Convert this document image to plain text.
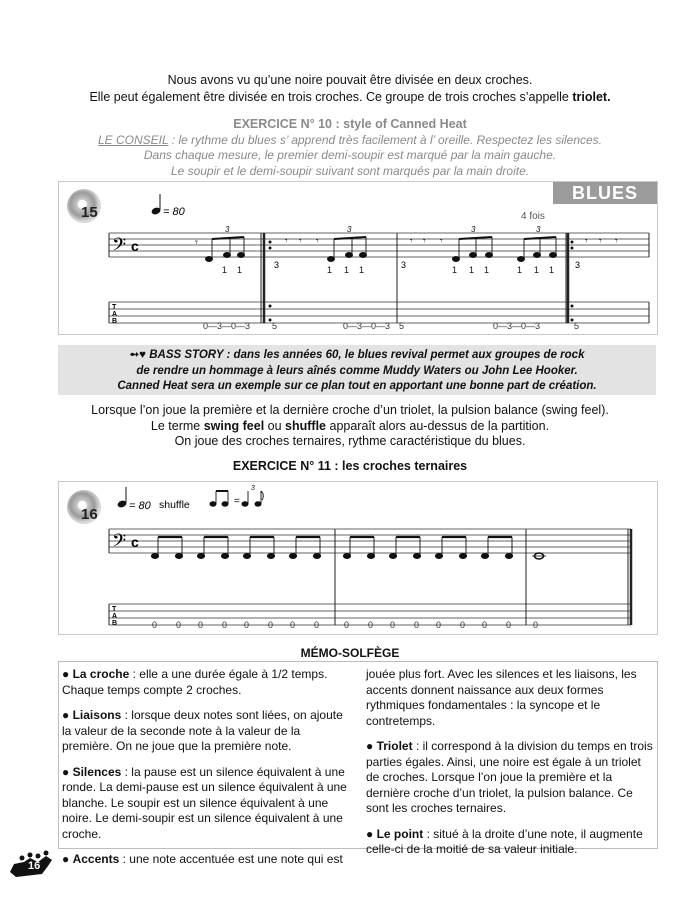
Nous avons vu qu’une noire pouvait être divisée en deux croches.
Elle peut également être divisée en trois croches. Ce groupe de trois croches s’appelle triolet.
EXERCICE N° 10 : style of Canned Heat
LE CONSEIL : le rythme du blues s’ apprend très facilement à l’ oreille. Respectez les silences.
Dans chaque mesure, le premier demi-soupir est marqué par la main gauche.
Le soupir et le demi-soupir suivant sont marqués par la main droite.
15
BLUES
= 80	4 fois
𝄢 c
T
A
B
𝄾
3
1 1	3
𝄾 𝄾 𝄾
3
1 1 1	3
𝄾 𝄾 𝄾
3	3
1 1 1	1 1 1 3
𝄾 𝄾 𝄾
0—3—0—3 5	0—3—0—3 5	0—3—0—3	5
➻♥ BASS STORY : dans les années 60, le blues revival permet aux groupes de rock
de rendre un hommage à leurs aînés comme Muddy Waters ou John Lee Hooker.
Canned Heat sera un exemple sur ce plan tout en apportant une bonne part de création.
Lorsque l’on joue la première et la dernière croche d’un triolet, la pulsion balance (swing feel).
Le terme swing feel ou shuffle apparaît alors au-dessus de la partition.
On joue des croches ternaires, rythme caractéristique du blues.
EXERCICE N° 11 : les croches ternaires
16	= 80 shuffle	=
3
𝄢 c
T
A
B	0 0 0 0 0 0 0 0	0 0 0 0 0 0 0 0 0
MÉMO-SOLFÈGE

● La croche : elle a une durée égale à 1/2 temps. Chaque temps compte 2 croches.

● Liaisons : lorsque deux notes sont liées, on ajoute la valeur de la seconde note à la valeur de la première. On ne joue que la première note.

● Silences : la pause est un silence équivalent à une ronde. La demi-pause est un silence équivalent à une blanche. Le soupir est un silence équivalent à une noire. Le demi-soupir est un silence équivalent à une croche.

● Accents : une note accentuée est une note qui est

jouée plus fort. Avec les silences et les liaisons, les accents donnent naissance aux deux formes rythmiques fondamentales : la syncope et le contretemps.

● Triolet : il correspond à la division du temps en trois parties égales. Ainsi, une noire est égale à un triolet de croches. Lorsque l’on joue la première et la dernière croche d’un triolet, la pulsion balance. Ce sont les croches ternaires.

● Le point : situé à la droite d’une note, il augmente celle-ci de la moitié de sa valeur initiale.

16
